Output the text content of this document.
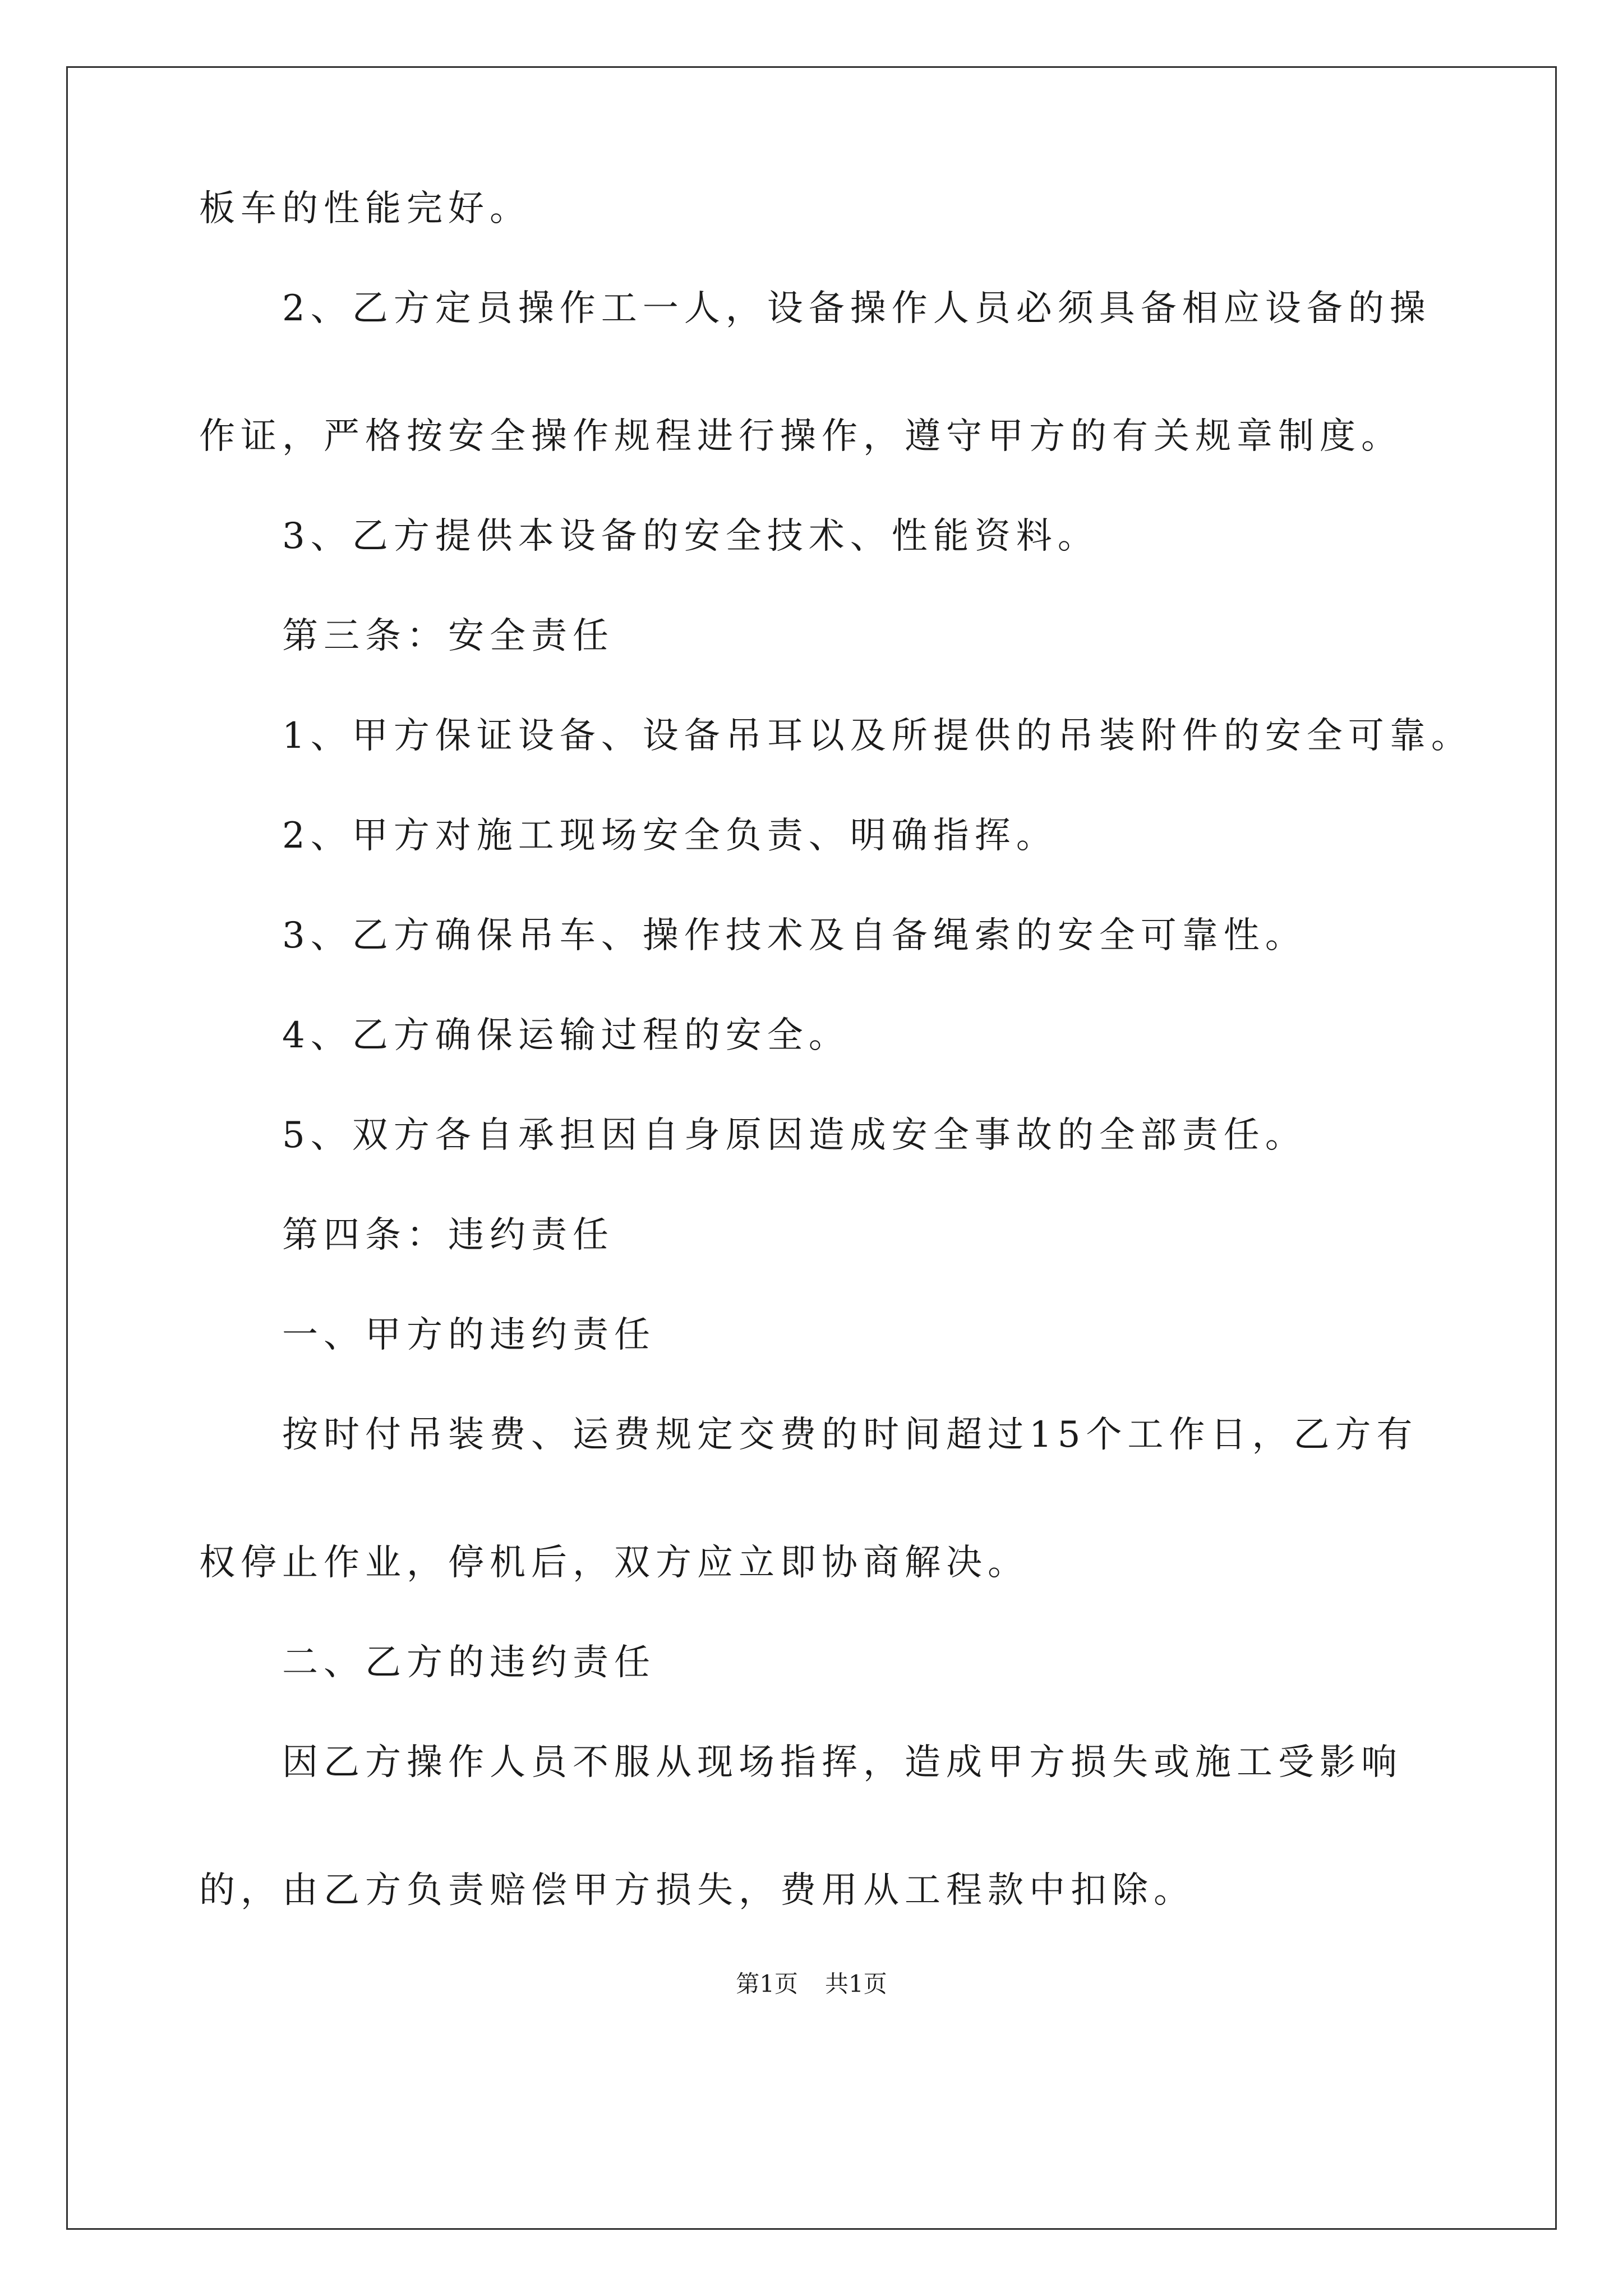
板车的性能完好。

2、乙方定员操作工一人，设备操作人员必须具备相应设备的操作证，严格按安全操作规程进行操作，遵守甲方的有关规章制度。

3、乙方提供本设备的安全技术、性能资料。

第三条：安全责任

1、甲方保证设备、设备吊耳以及所提供的吊装附件的安全可靠。

2、甲方对施工现场安全负责、明确指挥。

3、乙方确保吊车、操作技术及自备绳索的安全可靠性。

4、乙方确保运输过程的安全。

5、双方各自承担因自身原因造成安全事故的全部责任。

第四条：违约责任

一、甲方的违约责任

按时付吊装费、运费规定交费的时间超过15个工作日，乙方有权停止作业，停机后，双方应立即协商解决。

二、乙方的违约责任

因乙方操作人员不服从现场指挥，造成甲方损失或施工受影响的，由乙方负责赔偿甲方损失，费用从工程款中扣除。

第1页 共1页
